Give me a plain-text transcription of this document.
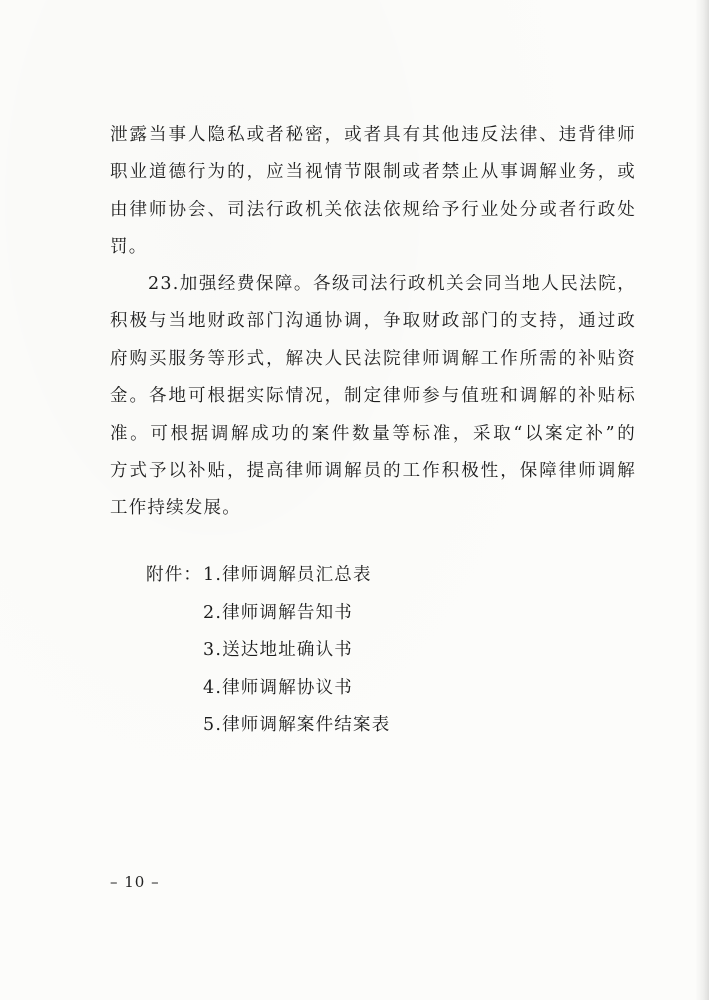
泄露当事人隐私或者秘密，或者具有其他违反法律、违背律师
职业道德行为的，应当视情节限制或者禁止从事调解业务，或
由律师协会、司法行政机关依法依规给予行业处分或者行政处
罚。
　　23.加强经费保障。各级司法行政机关会同当地人民法院，
积极与当地财政部门沟通协调，争取财政部门的支持，通过政
府购买服务等形式，解决人民法院律师调解工作所需的补贴资
金。各地可根据实际情况，制定律师参与值班和调解的补贴标
准。可根据调解成功的案件数量等标准，采取“以案定补”的
方式予以补贴，提高律师调解员的工作积极性，保障律师调解
工作持续发展。
附件：1.律师调解员汇总表
2.律师调解告知书
3.送达地址确认书
4.律师调解协议书
5.律师调解案件结案表
– 10 –
